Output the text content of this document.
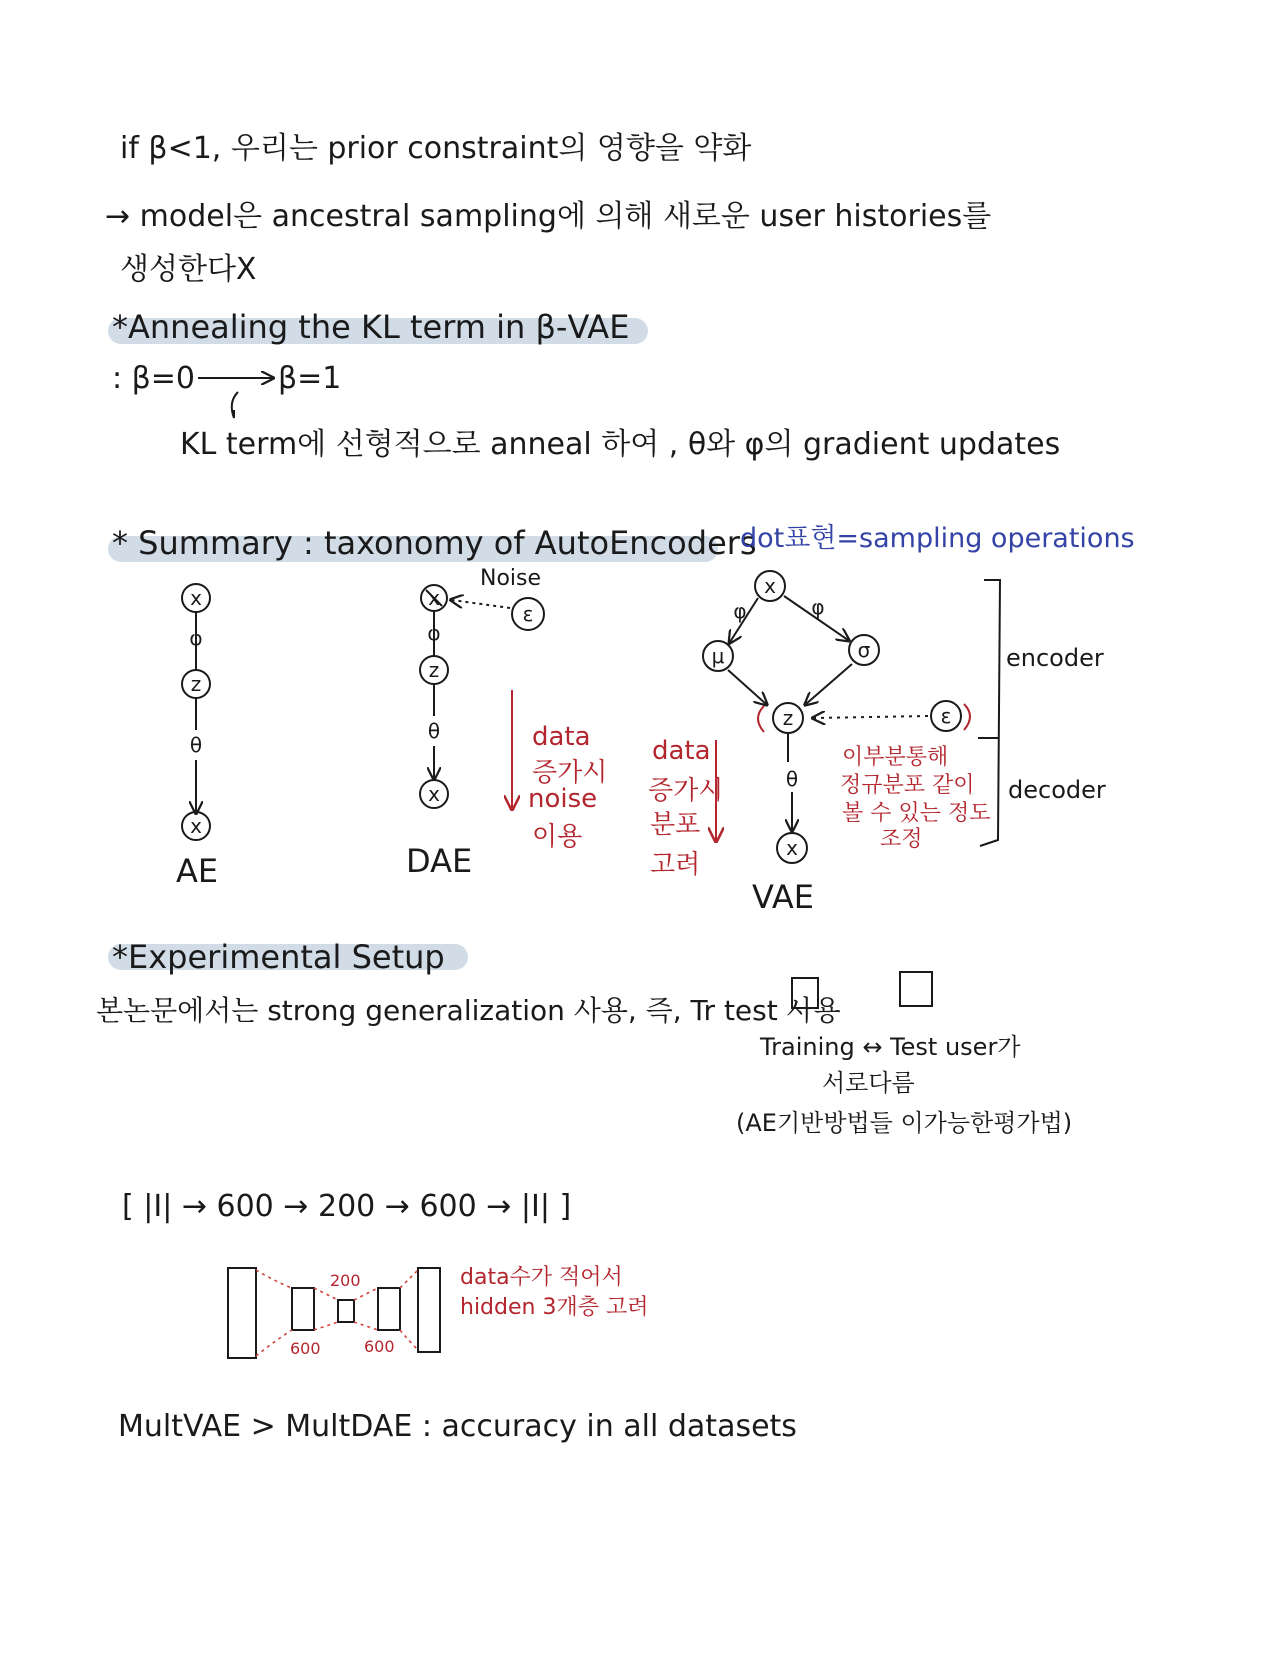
if β<1, 우리는 prior constraint의 영향을 약화
→ model은 ancestral sampling에 의해 새로운 user histories를
생성한다X
*Annealing the KL term in β-VAE
: β=0	β=1
KL term에 선형적으로 anneal 하여 , θ와 φ의 gradient updates
* Summary : taxonomy of AutoEncoders
dot표현=sampling operations
AE	DAE
VAE
Noise
data
증가시
noise
이용
data
증가시
분포
고려
이부분통해
정규분포 같이
볼 수 있는 정도
조정
encoder
decoder
x
z
x
φ
θ
x
z
x
φ
θ
ε
x
μ	σ
z	ε
x
φ	φ
θ
*Experimental Setup
본논문에서는 strong generalization 사용, 즉, Tr test 사용
Training ↔ Test user가
서로다름
(AE기반방법들 이가능한평가법)
[ |I| → 600 → 200 → 600 → |I| ]
200
600	600
data수가 적어서
hidden 3개층 고려
MultVAE > MultDAE : accuracy in all datasets
